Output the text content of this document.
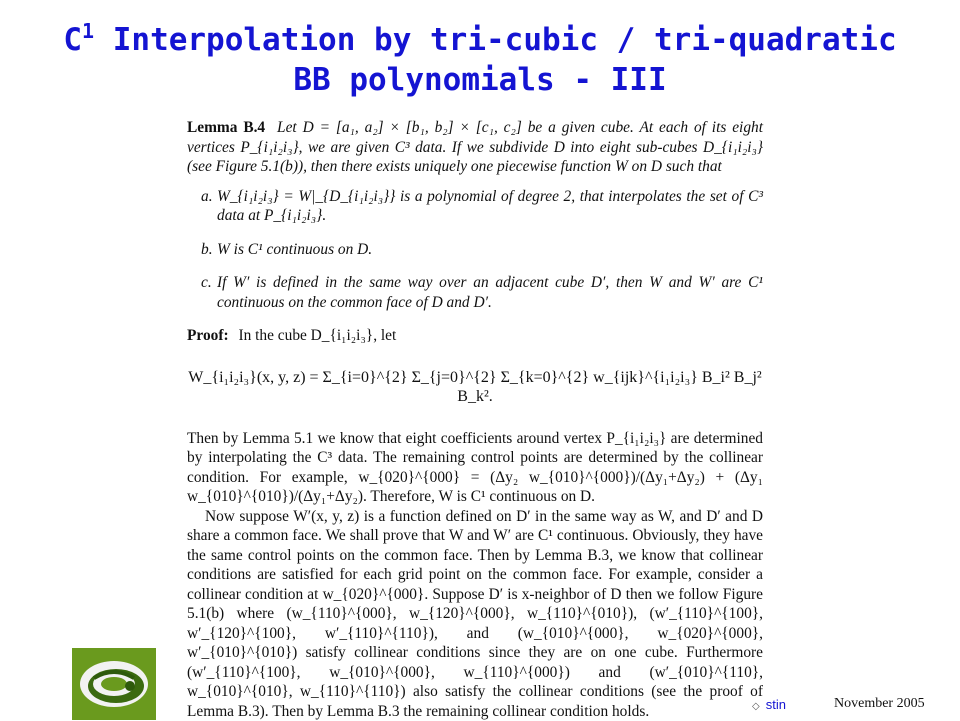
$C^1$ Interpolation by tri-cubic / tri-quadratic
BB polynomials - III
Lemma B.4 Let D = [a₁, a₂] × [b₁, b₂] × [c₁, c₂] be a given cube. At each of its eight vertices P_{i₁i₂i₃}, we are given C³ data. If we subdivide D into eight sub-cubes D_{i₁i₂i₃} (see Figure 5.1(b)), then there exists uniquely one piecewise function W on D such that
a. W_{i₁i₂i₃} = W|_{D_{i₁i₂i₃}} is a polynomial of degree 2, that interpolates the set of C³ data at P_{i₁i₂i₃}.
b. W is C¹ continuous on D.
c. If W′ is defined in the same way over an adjacent cube D′, then W and W′ are C¹ continuous on the common face of D and D′.
Proof: In the cube D_{i₁i₂i₃}, let
W_{i₁i₂i₃}(x, y, z) = Σ_{i=0}^{2} Σ_{j=0}^{2} Σ_{k=0}^{2} w_{ijk}^{i₁i₂i₃} B_i² B_j² B_k².
Then by Lemma 5.1 we know that eight coefficients around vertex P_{i₁i₂i₃} are determined by interpolating the C³ data. The remaining control points are determined by the collinear condition. For example, w_{020}^{000} = (Δy₂ w_{010}^{000})/(Δy₁+Δy₂) + (Δy₁ w_{010}^{010})/(Δy₁+Δy₂). Therefore, W is C¹ continuous on D.
Now suppose W′(x, y, z) is a function defined on D′ in the same way as W, and D′ and D share a common face. We shall prove that W and W′ are C¹ continuous. Obviously, they have the same control points on the common face. Then by Lemma B.3, we know that collinear conditions are satisfied for each grid point on the common face. For example, consider a collinear condition at w_{020}^{000}. Suppose D′ is x-neighbor of D then we follow Figure 5.1(b) where (w_{110}^{000}, w_{120}^{000}, w_{110}^{010}), (w′_{110}^{100}, w′_{120}^{100}, w′_{110}^{110}), and (w_{010}^{000}, w_{020}^{000}, w′_{010}^{010}) satisfy collinear conditions since they are on one cube. Furthermore (w′_{110}^{100}, w_{010}^{000}, w_{110}^{000}) and (w′_{010}^{110}, w_{010}^{010}, w_{110}^{110}) also satisfy the collinear conditions (see the proof of Lemma B.3). Then by Lemma B.3 the remaining collinear condition holds.	◇ stin	November 2005
